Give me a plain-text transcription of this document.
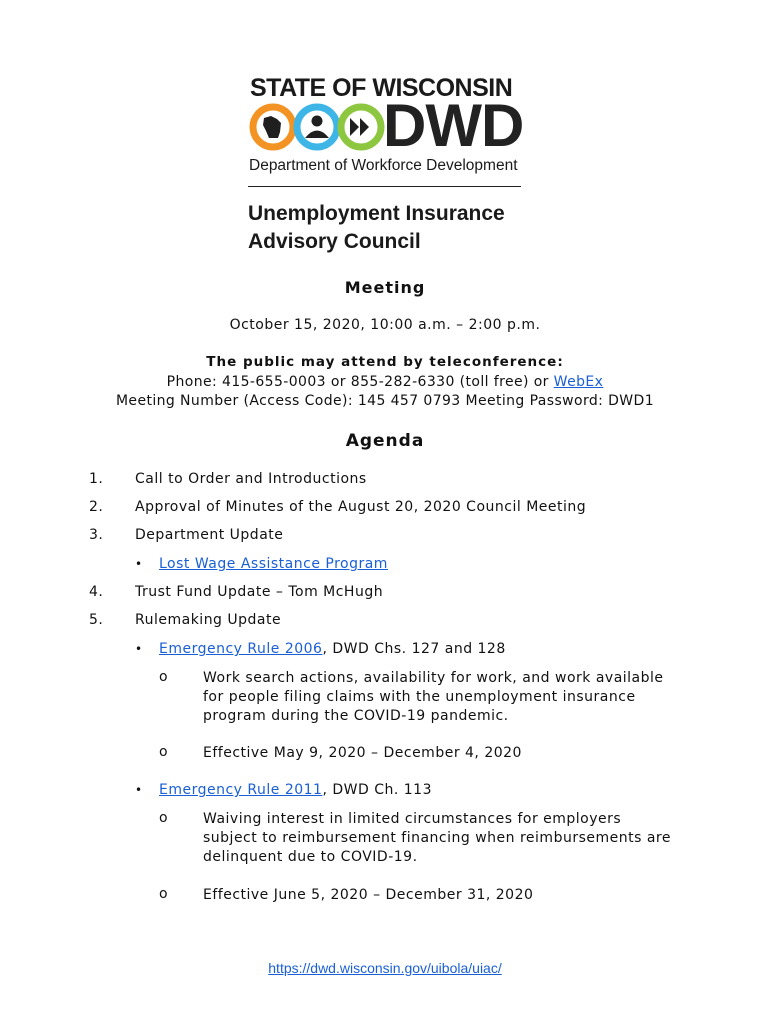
STATE OF WISCONSIN
DWD
Department of Workforce Development
Unemployment Insurance
Advisory Council
Meeting
October 15, 2020, 10:00 a.m. – 2:00 p.m.
The public may attend by teleconference:
Phone: 415-655-0003 or 855-282-6330 (toll free) or WebEx
Meeting Number (Access Code): 145 457 0793 Meeting Password: DWD1
Agenda
1. Call to Order and Introductions
2. Approval of Minutes of the August 20, 2020 Council Meeting
3. Department Update
• Lost Wage Assistance Program
4. Trust Fund Update – Tom McHugh
5. Rulemaking Update
• Emergency Rule 2006, DWD Chs. 127 and 128
o Work search actions, availability for work, and work available
for people filing claims with the unemployment insurance
program during the COVID-19 pandemic.
o Effective May 9, 2020 – December 4, 2020
• Emergency Rule 2011, DWD Ch. 113
o Waiving interest in limited circumstances for employers
subject to reimbursement financing when reimbursements are
delinquent due to COVID-19.
o Effective June 5, 2020 – December 31, 2020
https://dwd.wisconsin.gov/uibola/uiac/
